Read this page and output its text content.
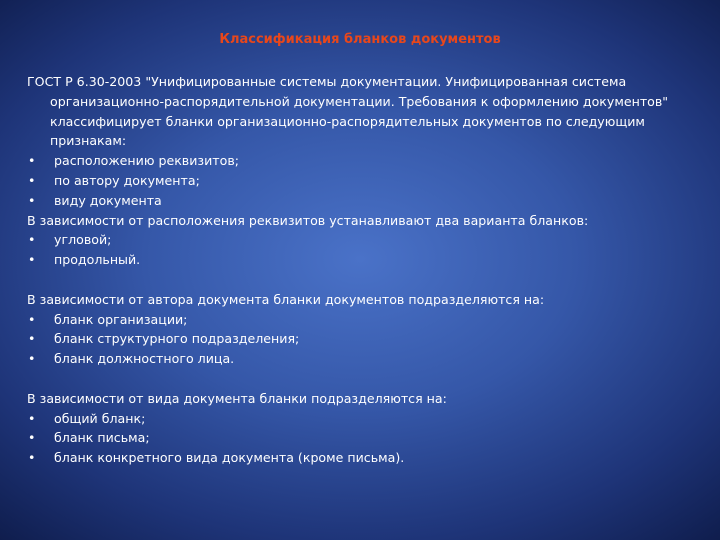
Классификация бланков документов

ГОСТ Р 6.30-2003 "Унифицированные системы документации. Унифицированная система организационно-распорядительной документации. Требования к оформлению документов" классифицирует бланки организационно-распорядительных документов по следующим признакам:

•	расположению реквизитов;

•	по автору документа;

•	виду документа

В зависимости от расположения реквизитов устанавливают два варианта бланков:

•	угловой;

•	продольный.

В зависимости от автора документа бланки документов подразделяются на:

•	бланк организации;

•	бланк структурного подразделения;

•	бланк должностного лица.

В зависимости от вида документа бланки подразделяются на:

•	общий бланк;

•	бланк письма;

•	бланк конкретного вида документа (кроме письма).
